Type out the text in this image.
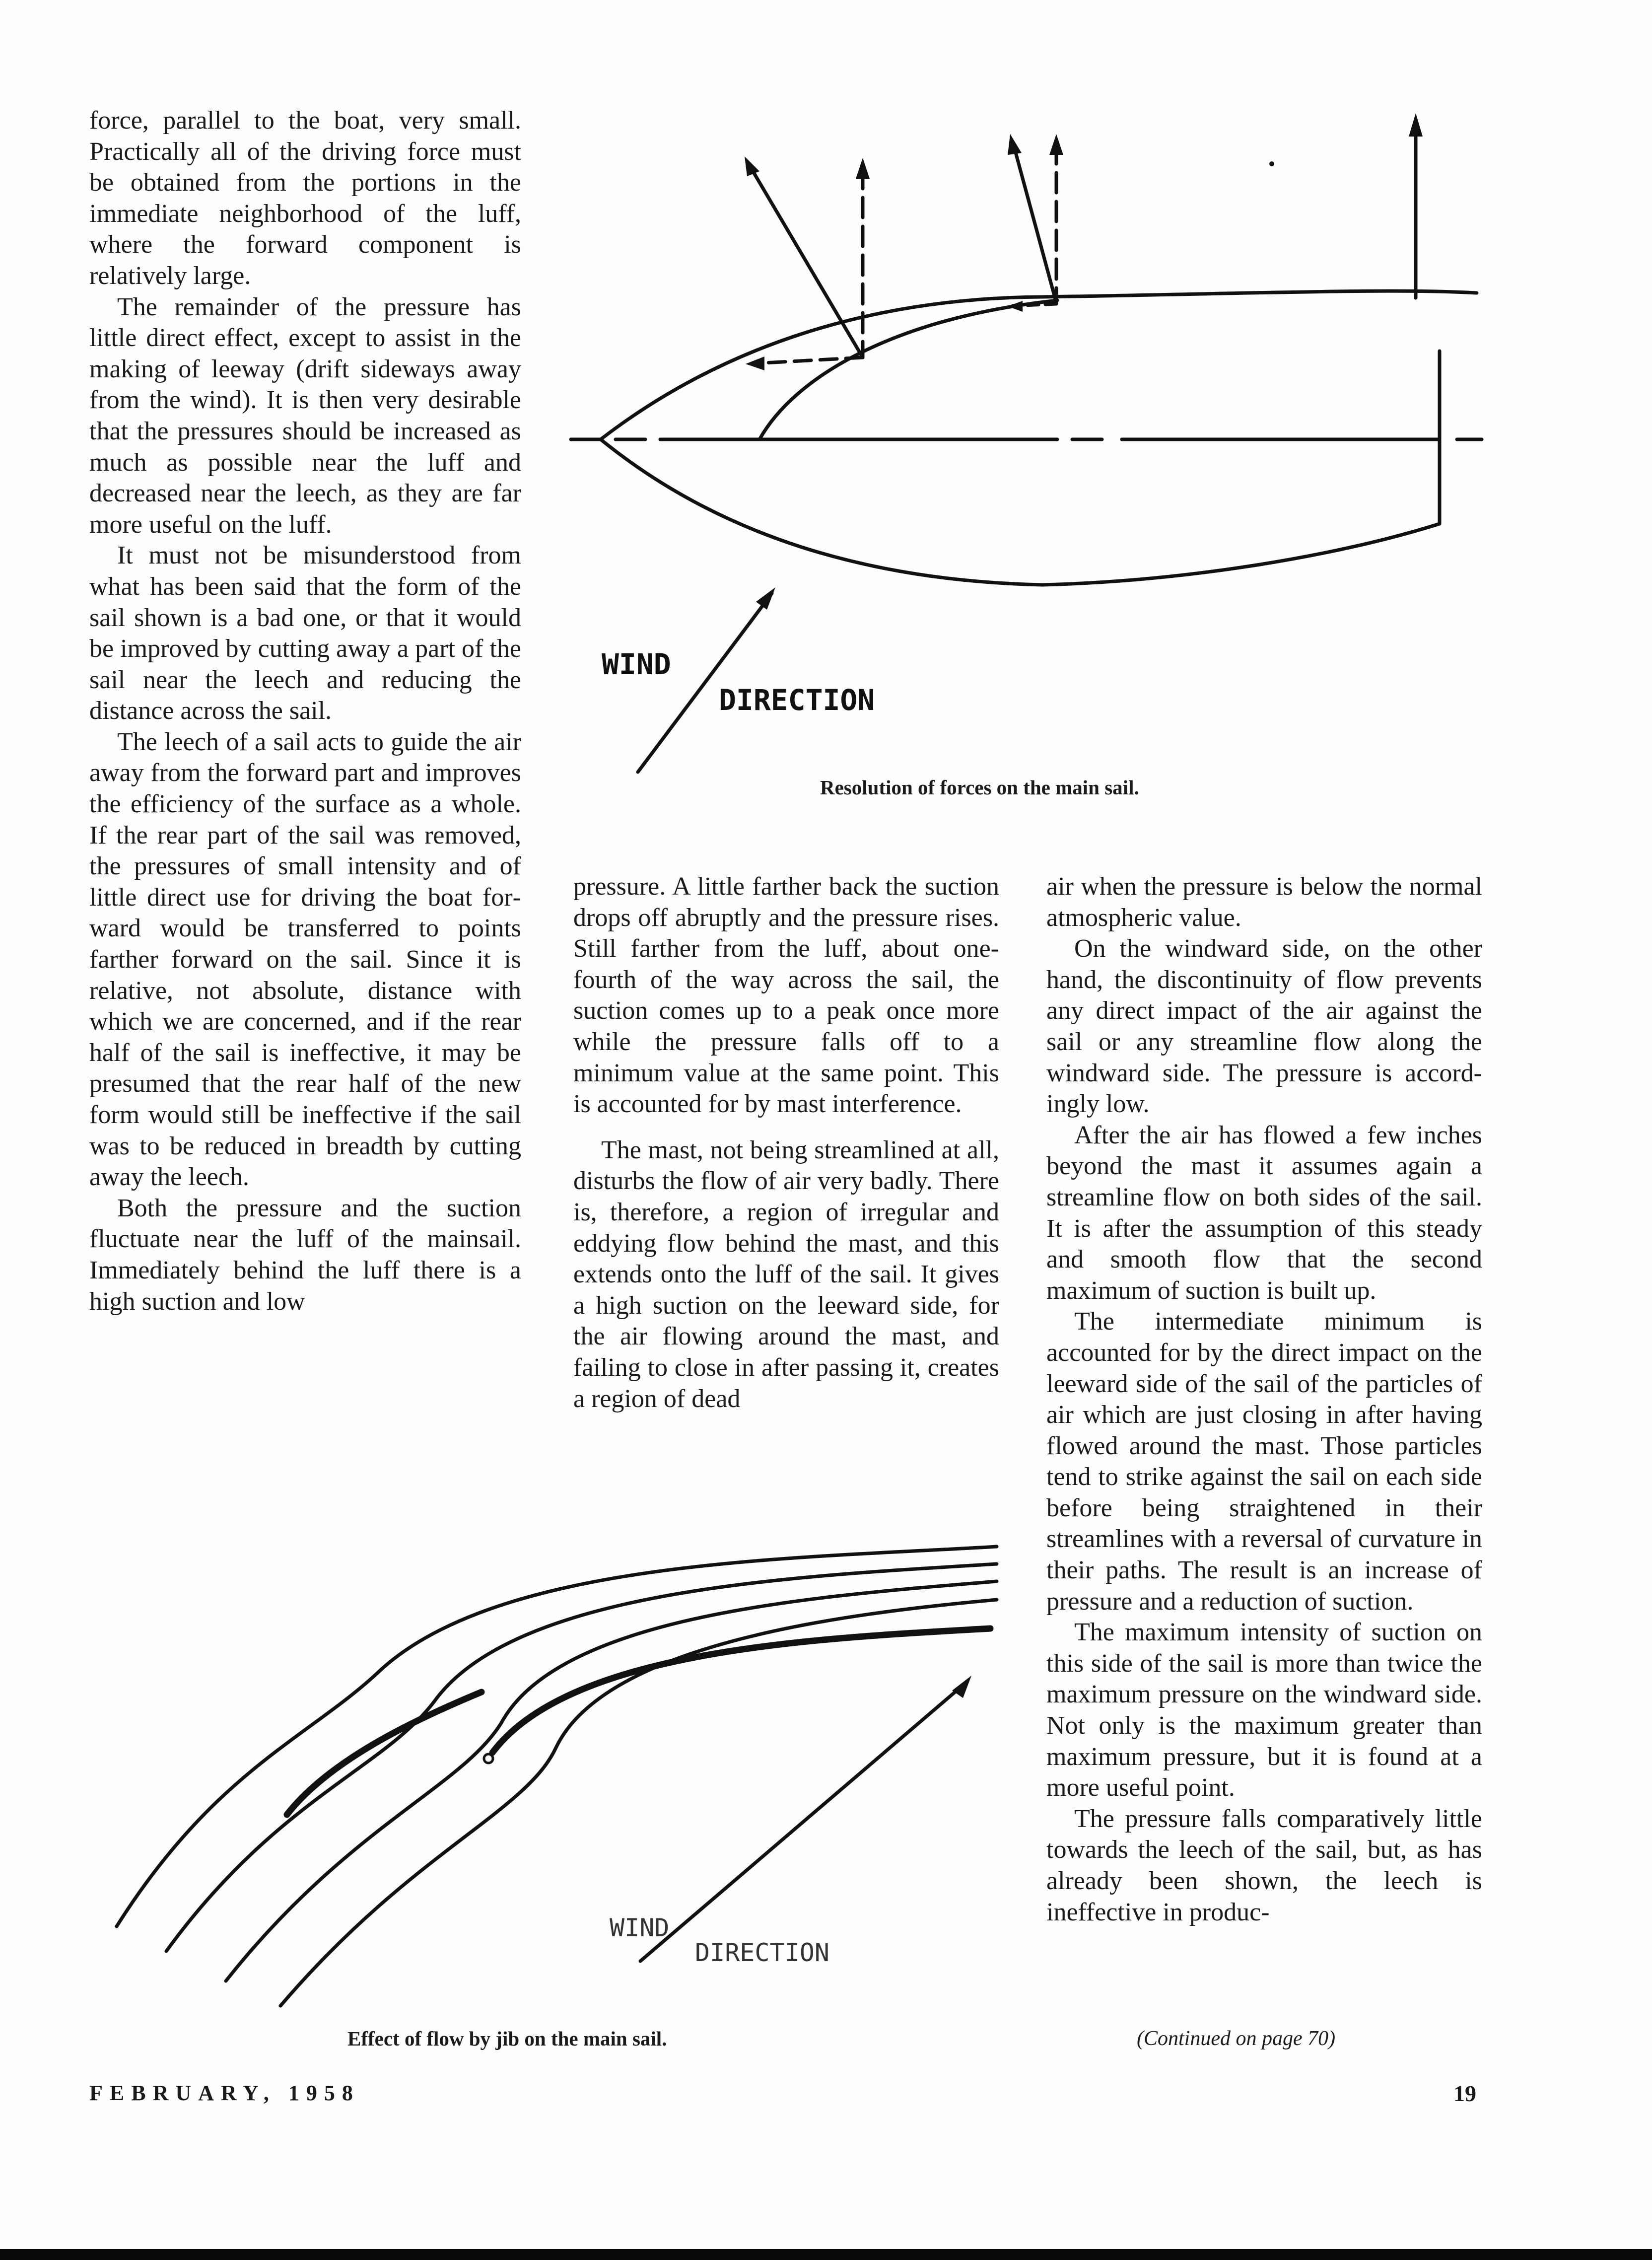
force, parallel to the boat, very small. Practically all of the driving force must be obtained from the portions in the immediate neighborhood of the luff, where the forward component is relatively large.

The remainder of the pressure has little direct effect, except to assist in the making of leeway (drift sideways away from the wind). It is then very desirable that the pressures should be increased as much as possible near the luff and decreased near the leech, as they are far more useful on the luff.

It must not be misunderstood from what has been said that the form of the sail shown is a bad one, or that it would be improved by cutting away a part of the sail near the leech and reducing the distance across the sail.

The leech of a sail acts to guide the air away from the forward part and improves the efficiency of the surface as a whole. If the rear part of the sail was removed, the pressures of small intensity and of little direct use for driving the boat forward would be transferred to points farther forward on the sail. Since it is relative, not absolute, distance with which we are concerned, and if the rear half of the sail is ineffective, it may be presumed that the rear half of the new form would still be ineffective if the sail was to be reduced in breadth by cutting away the leech.

Both the pressure and the suction fluctuate near the luff of the mainsail. Immediately behind the luff there is a high suction and low

pressure. A little farther back the suction drops off abruptly and the pressure rises. Still farther from the luff, about one-fourth of the way across the sail, the suction comes up to a peak once more while the pressure falls off to a minimum value at the same point. This is accounted for by mast interference.

The mast, not being streamlined at all, disturbs the flow of air very badly. There is, therefore, a region of irregular and eddying flow behind the mast, and this extends onto the luff of the sail. It gives a high suction on the leeward side, for the air flowing around the mast, and failing to close in after passing it, creates a region of dead

air when the pressure is below the normal atmospheric value.

On the windward side, on the other hand, the discontinuity of flow prevents any direct impact of the air against the sail or any streamline flow along the windward side. The pressure is accordingly low.

After the air has flowed a few inches beyond the mast it assumes again a streamline flow on both sides of the sail. It is after the assumption of this steady and smooth flow that the second maximum of suction is built up.

The intermediate minimum is accounted for by the direct impact on the leeward side of the sail of the particles of air which are just closing in after having flowed around the mast. Those particles tend to strike against the sail on each side before being straightened in their streamlines with a reversal of curvature in their paths. The result is an increase of pressure and a reduction of suction.

The maximum intensity of suction on this side of the sail is more than twice the maximum pressure on the windward side. Not only is the maximum greater than maximum pressure, but it is found at a more useful point.

The pressure falls comparatively little towards the leech of the sail, but, as has already been shown, the leech is ineffective in produc-

WIND
DIRECTION
WIND
DIRECTION
Resolution of forces on the main sail.
Effect of flow by jib on the main sail.	(Continued on page 70)
FEBRUARY, 1958	19
